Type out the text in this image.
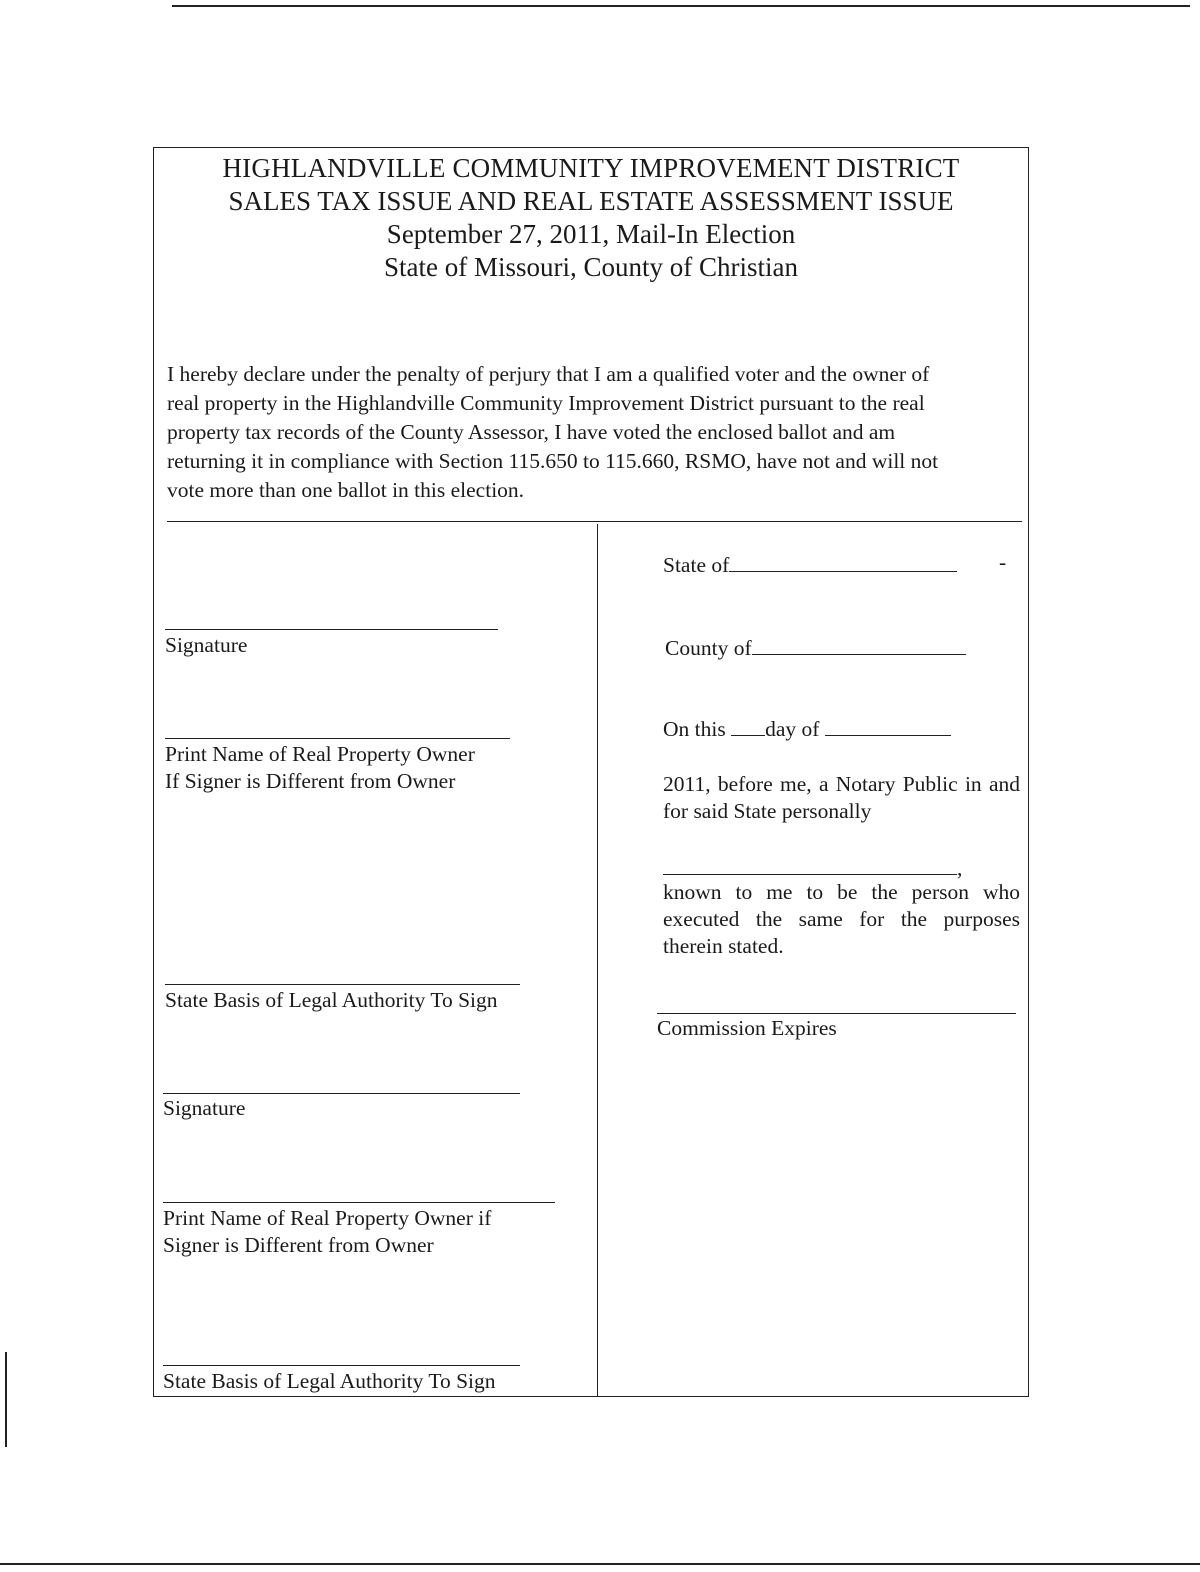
HIGHLANDVILLE COMMUNITY IMPROVEMENT DISTRICT
SALES TAX ISSUE AND REAL ESTATE ASSESSMENT ISSUE
September 27, 2011, Mail-In Election
State of Missouri, County of Christian
I hereby declare under the penalty of perjury that I am a qualified voter and the owner of
real property in the Highlandville Community Improvement District pursuant to the real
property tax records of the County Assessor, I have voted the enclosed ballot and am
returning it in compliance with Section 115.650 to 115.660, RSMO, have not and will not
vote more than one ballot in this election.
Signature
Print Name of Real Property Owner
If Signer is Different from Owner
State Basis of Legal Authority To Sign
Signature
Print Name of Real Property Owner if
Signer is Different from Owner
State Basis of Legal Authority To Sign
State of	-
County of
On this day of
2011, before me, a Notary Public in and for said State personally
,
known to me to be the person who executed the same for the purposes therein stated.
Commission Expires
